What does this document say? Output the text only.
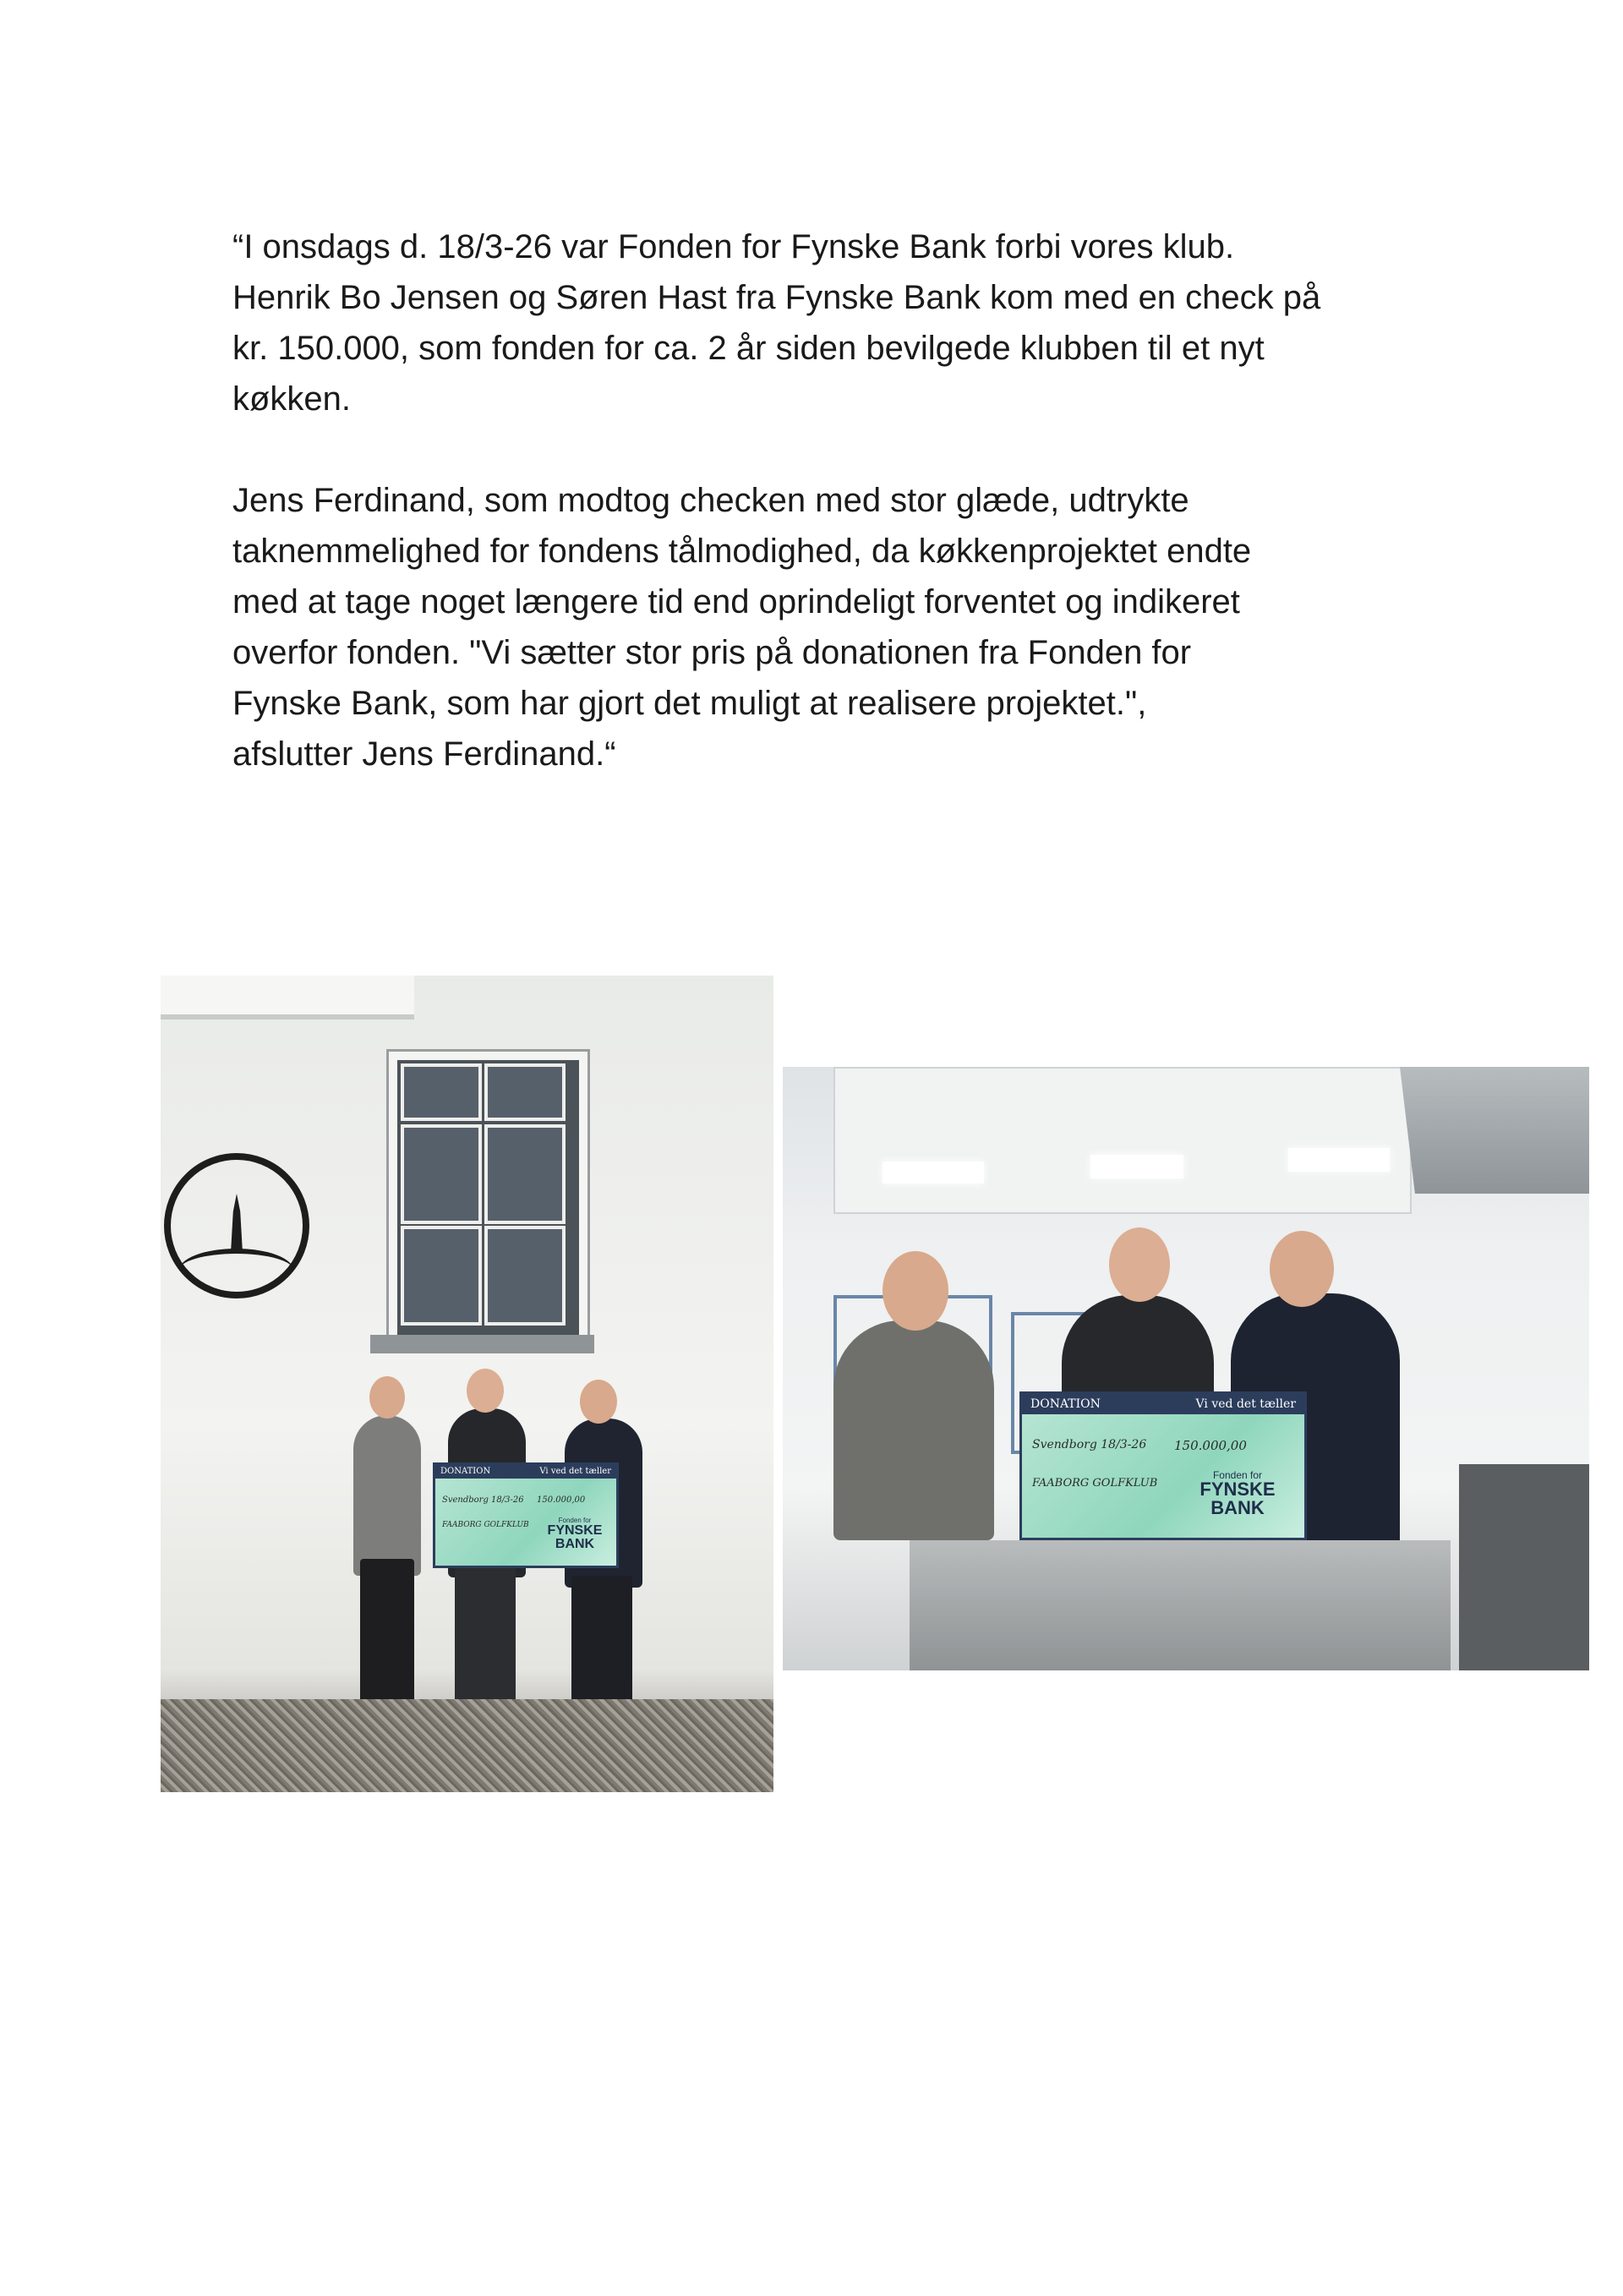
“I onsdags d. 18/3-26 var Fonden for Fynske Bank forbi vores klub.
Henrik Bo Jensen og Søren Hast fra Fynske Bank kom med en check på
kr. 150.000, som fonden for ca. 2 år siden bevilgede klubben til et nyt
køkken.

Jens Ferdinand, som modtog checken med stor glæde, udtrykte
taknemmelighed for fondens tålmodighed, da køkkenprojektet endte
med at tage noget længere tid end oprindeligt forventet og indikeret
overfor fonden. "Vi sætter stor pris på donationen fra Fonden for
Fynske Bank, som har gjort det muligt at realisere projektet.",
afslutter Jens Ferdinand.“

DONATION	Vi ved det tæller
Svendborg 18/3-26 150.000,00
FAABORG GOLFKLUB
Fonden for
FYNSKE
BANK
DONATION	Vi ved det tæller
Svendborg 18/3-26 150.000,00
FAABORG GOLFKLUB
Fonden for
FYNSKE
BANK
